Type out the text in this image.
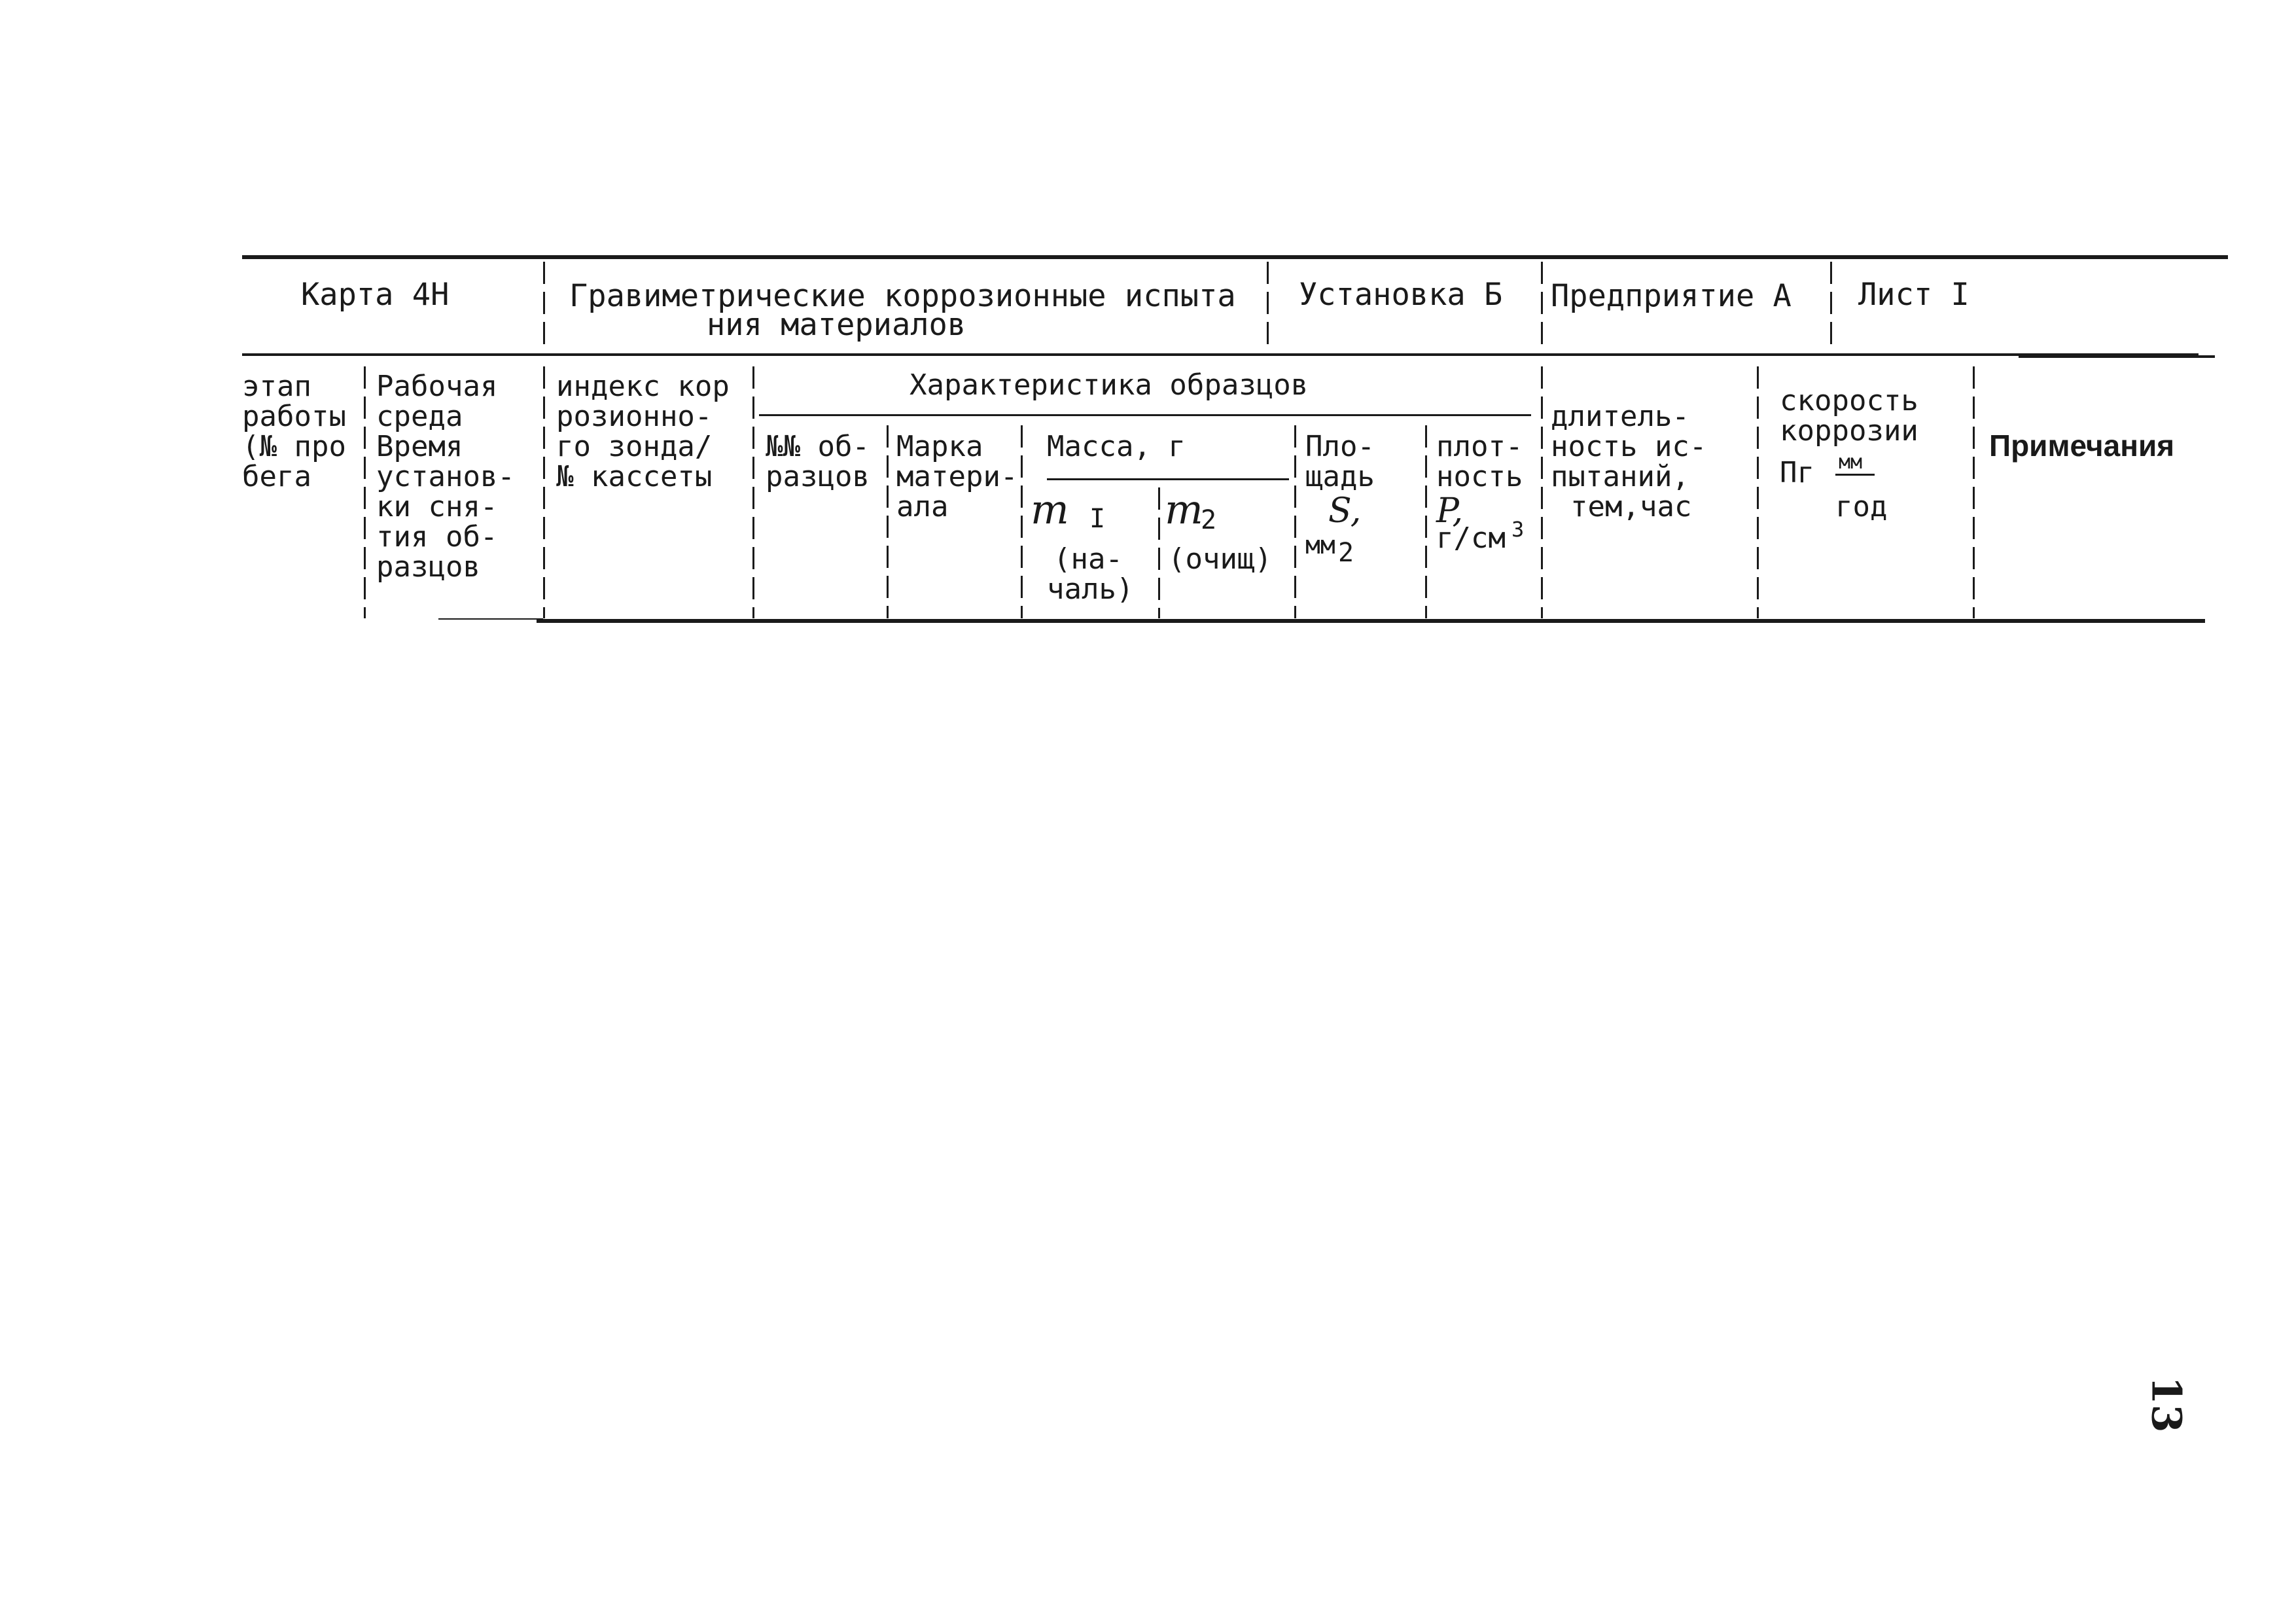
Карта 4Н	Гравиметрические коррозионные испыта
ния материалов
Установка Б Предприятие А Лист I
этап
работы
(№ про
бега
Рабочая
среда
Время
установ-
ки сня-
тия об-
разцов
индекс кор
розионно-
го зонда/
№ кассеты
Характеристика образцов
№№ об-
разцов
Марка
матери-
ала
Масса, г
m I
(на-
чаль)
m
2
(очищ)
Пло-
щадь
S,
мм 2
плот-
ность
P,
г/см 3
длитель-
ность ис-
пытаний,
тем,час
скорость
коррозии
Пг мм
год
Примечания
13
